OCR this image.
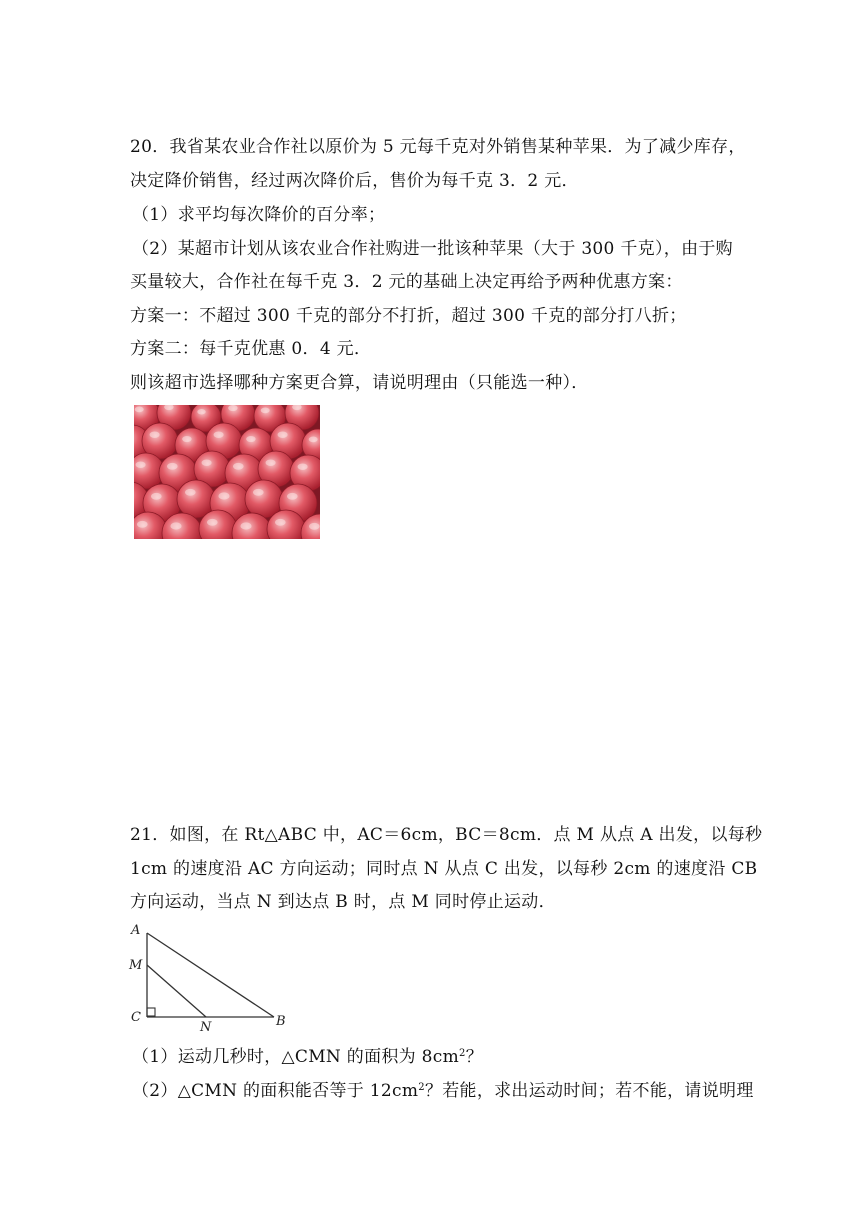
20．我省某农业合作社以原价为 5 元每千克对外销售某种苹果．为了减少库存，
决定降价销售，经过两次降价后，售价为每千克 3．2 元．
（1）求平均每次降价的百分率；
（2）某超市计划从该农业合作社购进一批该种苹果（大于 300 千克），由于购
买量较大，合作社在每千克 3．2 元的基础上决定再给予两种优惠方案：
方案一：不超过 300 千克的部分不打折，超过 300 千克的部分打八折；
方案二：每千克优惠 0．4 元．
则该超市选择哪种方案更合算，请说明理由（只能选一种）．
21．如图，在 Rt△ABC 中，AC＝6cm，BC＝8cm．点 M 从点 A 出发，以每秒
1cm 的速度沿 AC 方向运动；同时点 N 从点 C 出发，以每秒 2cm 的速度沿 CB
方向运动，当点 N 到达点 B 时，点 M 同时停止运动．
A
M
C
N	B
（1）运动几秒时，△CMN 的面积为 $8cm^2$？
（2）△CMN 的面积能否等于 $12cm^2$？若能，求出运动时间；若不能，请说明理
